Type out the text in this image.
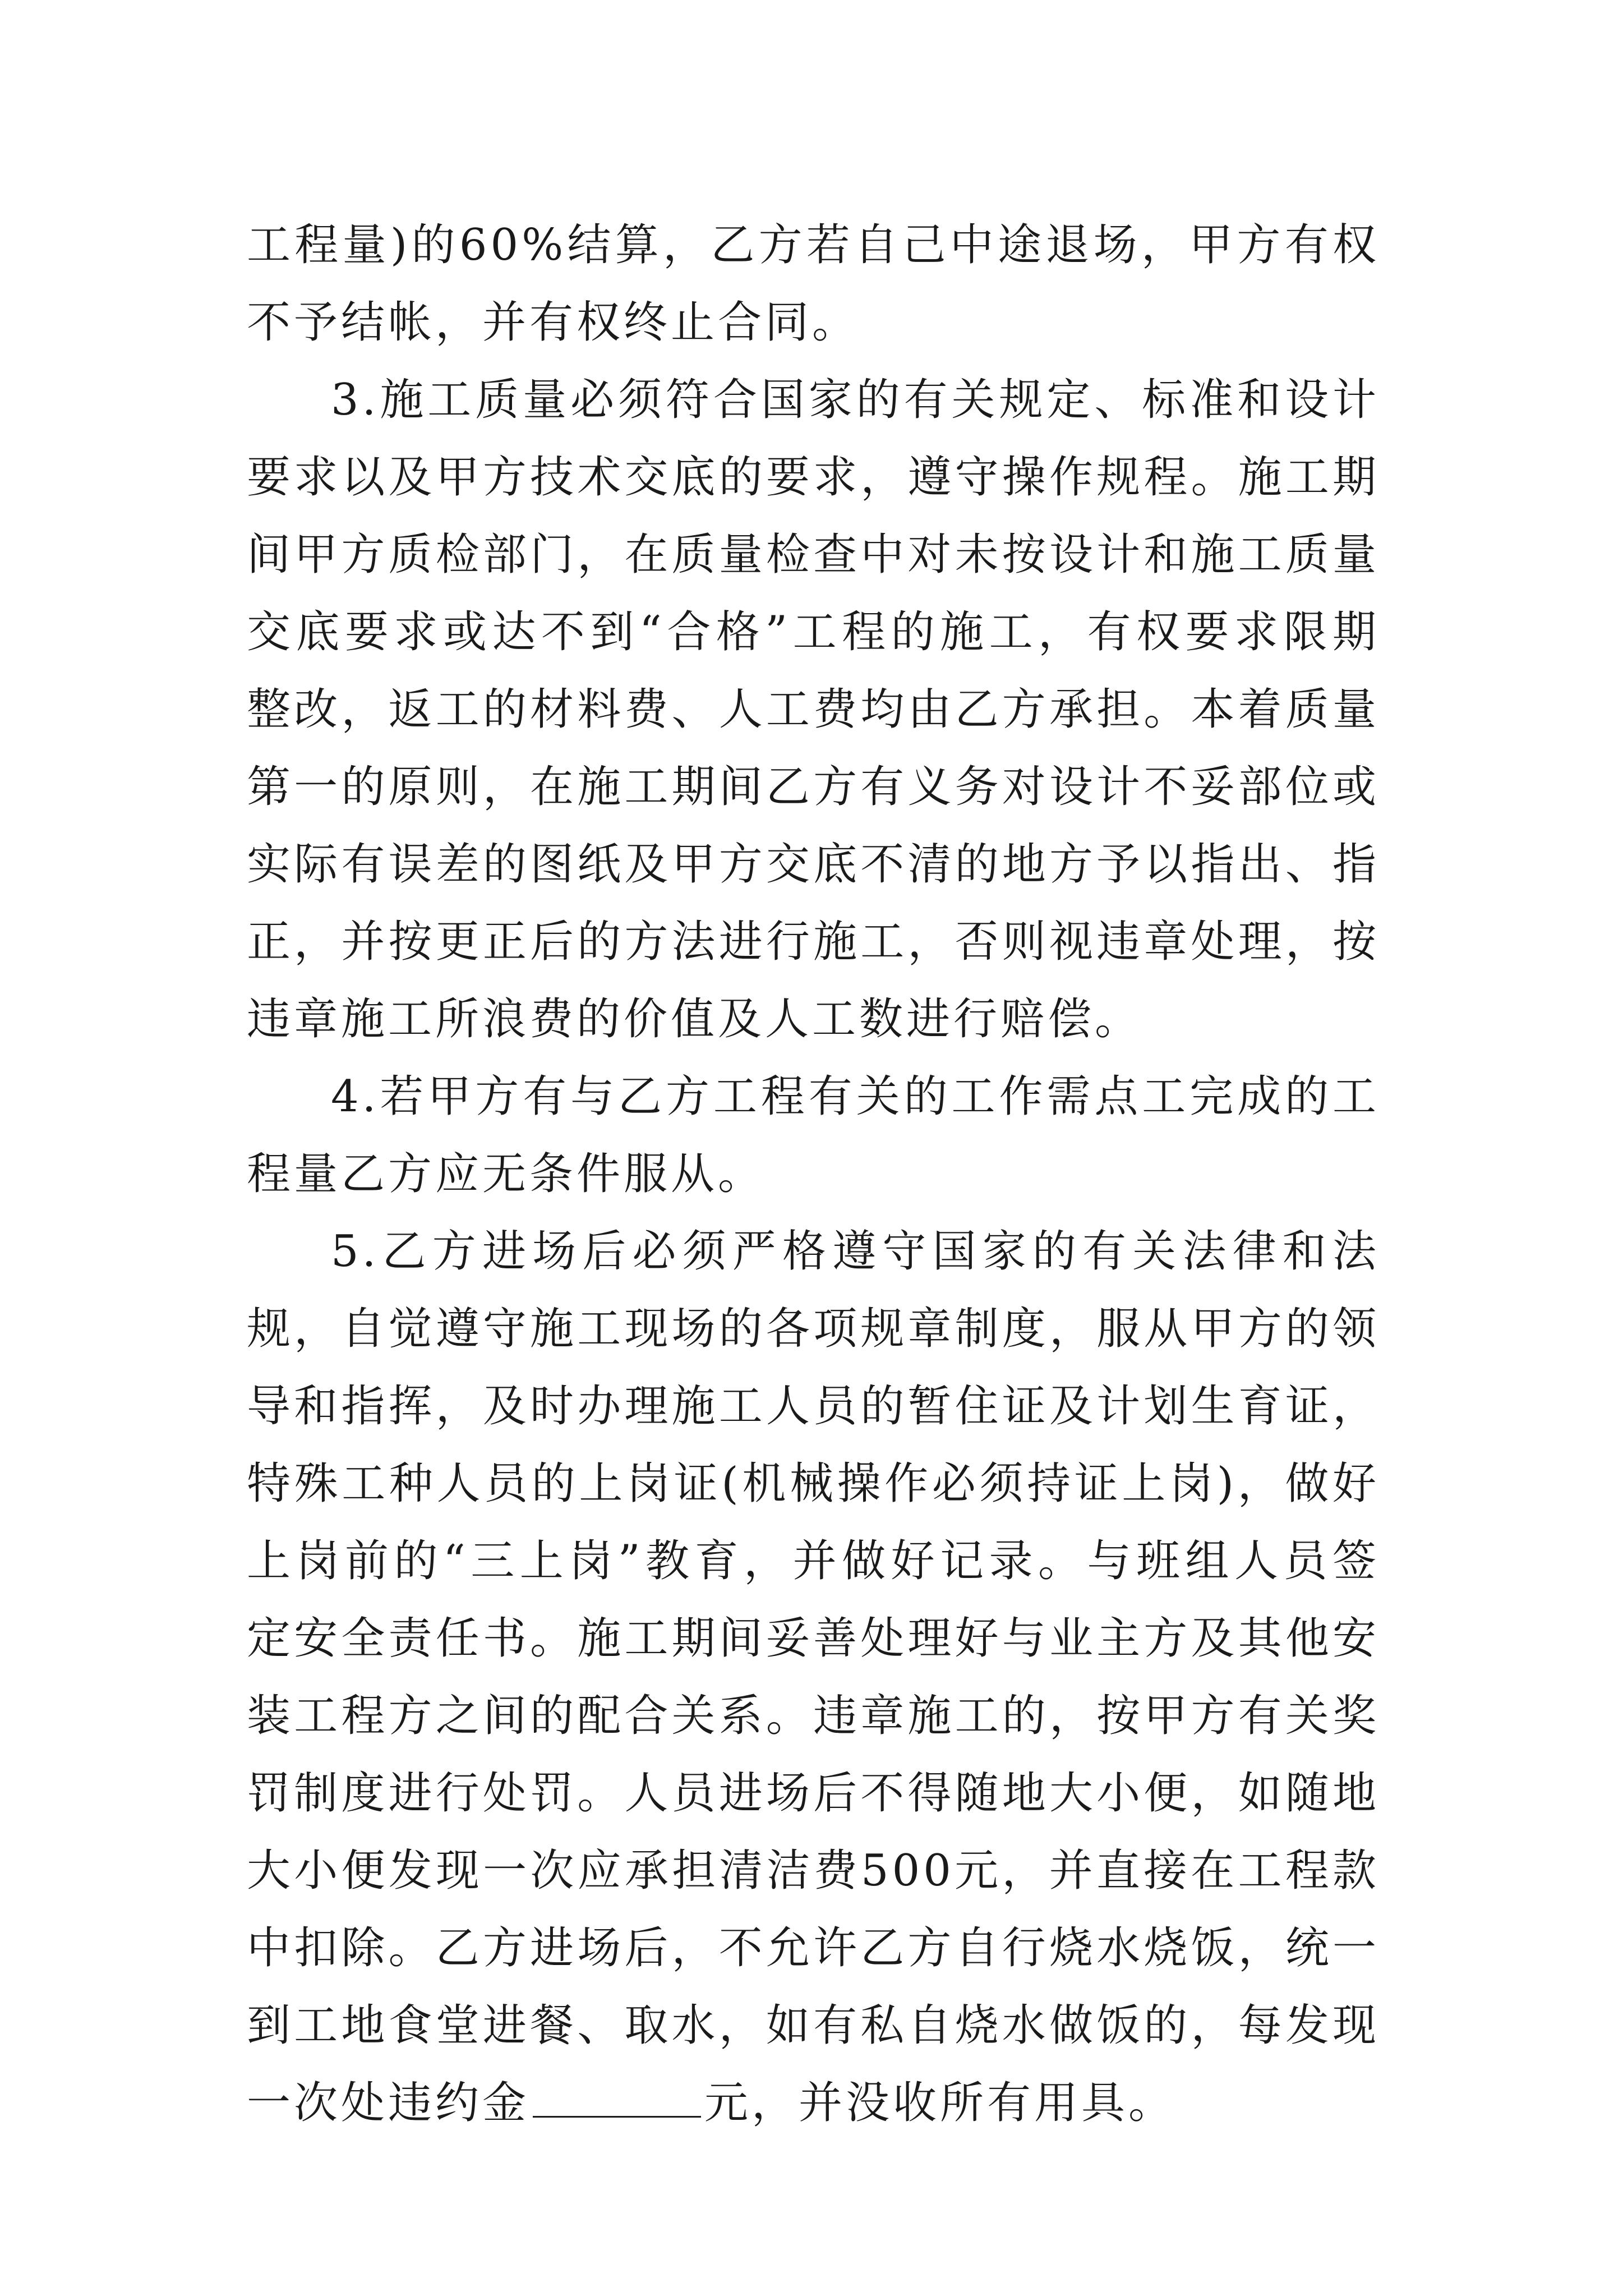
工程量)的60%结算，乙方若自己中途退场，甲方有权不予结帐，并有权终止合同。

3.施工质量必须符合国家的有关规定、标准和设计要求以及甲方技术交底的要求，遵守操作规程。施工期间甲方质检部门，在质量检查中对未按设计和施工质量交底要求或达不到“合格”工程的施工，有权要求限期整改，返工的材料费、人工费均由乙方承担。本着质量第一的原则，在施工期间乙方有义务对设计不妥部位或实际有误差的图纸及甲方交底不清的地方予以指出、指正，并按更正后的方法进行施工，否则视违章处理，按违章施工所浪费的价值及人工数进行赔偿。

4.若甲方有与乙方工程有关的工作需点工完成的工程量乙方应无条件服从。

5.乙方进场后必须严格遵守国家的有关法律和法规，自觉遵守施工现场的各项规章制度，服从甲方的领导和指挥，及时办理施工人员的暂住证及计划生育证，特殊工种人员的上岗证(机械操作必须持证上岗)，做好上岗前的“三上岗”教育，并做好记录。与班组人员签定安全责任书。施工期间妥善处理好与业主方及其他安装工程方之间的配合关系。违章施工的，按甲方有关奖罚制度进行处罚。人员进场后不得随地大小便，如随地大小便发现一次应承担清洁费500元，并直接在工程款中扣除。乙方进场后，不允许乙方自行烧水烧饭，统一到工地食堂进餐、取水，如有私自烧水做饭的，每发现一次处违约金	元，并没收所有用具。
